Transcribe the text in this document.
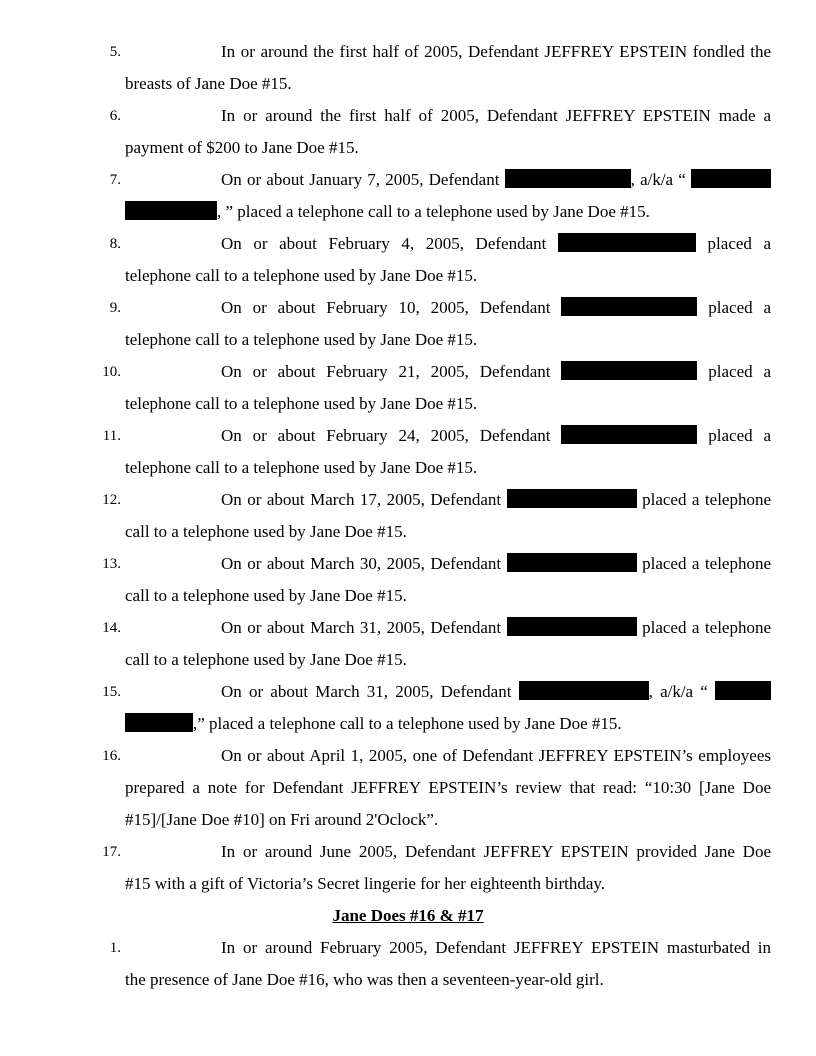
5.	In or around the first half of 2005, Defendant JEFFREY EPSTEIN fondled the
breasts of Jane Doe #15.
6.	In or around the first half of 2005, Defendant JEFFREY EPSTEIN made a
payment of $200 to Jane Doe #15.
7.	On or about January 7, 2005, Defendant	, a/k/a “
, ” placed a telephone call to a telephone used by Jane Doe #15.
8.	On or about February 4, 2005, Defendant	placed a
telephone call to a telephone used by Jane Doe #15.
9.	On or about February 10, 2005, Defendant	placed a
telephone call to a telephone used by Jane Doe #15.
10.	On or about February 21, 2005, Defendant	placed a
telephone call to a telephone used by Jane Doe #15.
11.	On or about February 24, 2005, Defendant	placed a
telephone call to a telephone used by Jane Doe #15.
12.	On or about March 17, 2005, Defendant	placed a telephone
call to a telephone used by Jane Doe #15.
13.	On or about March 30, 2005, Defendant	placed a telephone
call to a telephone used by Jane Doe #15.
14.	On or about March 31, 2005, Defendant	placed a telephone
call to a telephone used by Jane Doe #15.
15.	On or about March 31, 2005, Defendant	, a/k/a “
,” placed a telephone call to a telephone used by Jane Doe #15.
16.	On or about April 1, 2005, one of Defendant JEFFREY EPSTEIN’s employees
prepared a note for Defendant JEFFREY EPSTEIN’s review that read: “10:30 [Jane Doe
#15]/[Jane Doe #10] on Fri around 2'Oclock”.
17.	In or around June 2005, Defendant JEFFREY EPSTEIN provided Jane Doe
#15 with a gift of Victoria’s Secret lingerie for her eighteenth birthday.
Jane Does #16 & #17
1.	In or around February 2005, Defendant JEFFREY EPSTEIN masturbated in
the presence of Jane Doe #16, who was then a seventeen-year-old girl.
